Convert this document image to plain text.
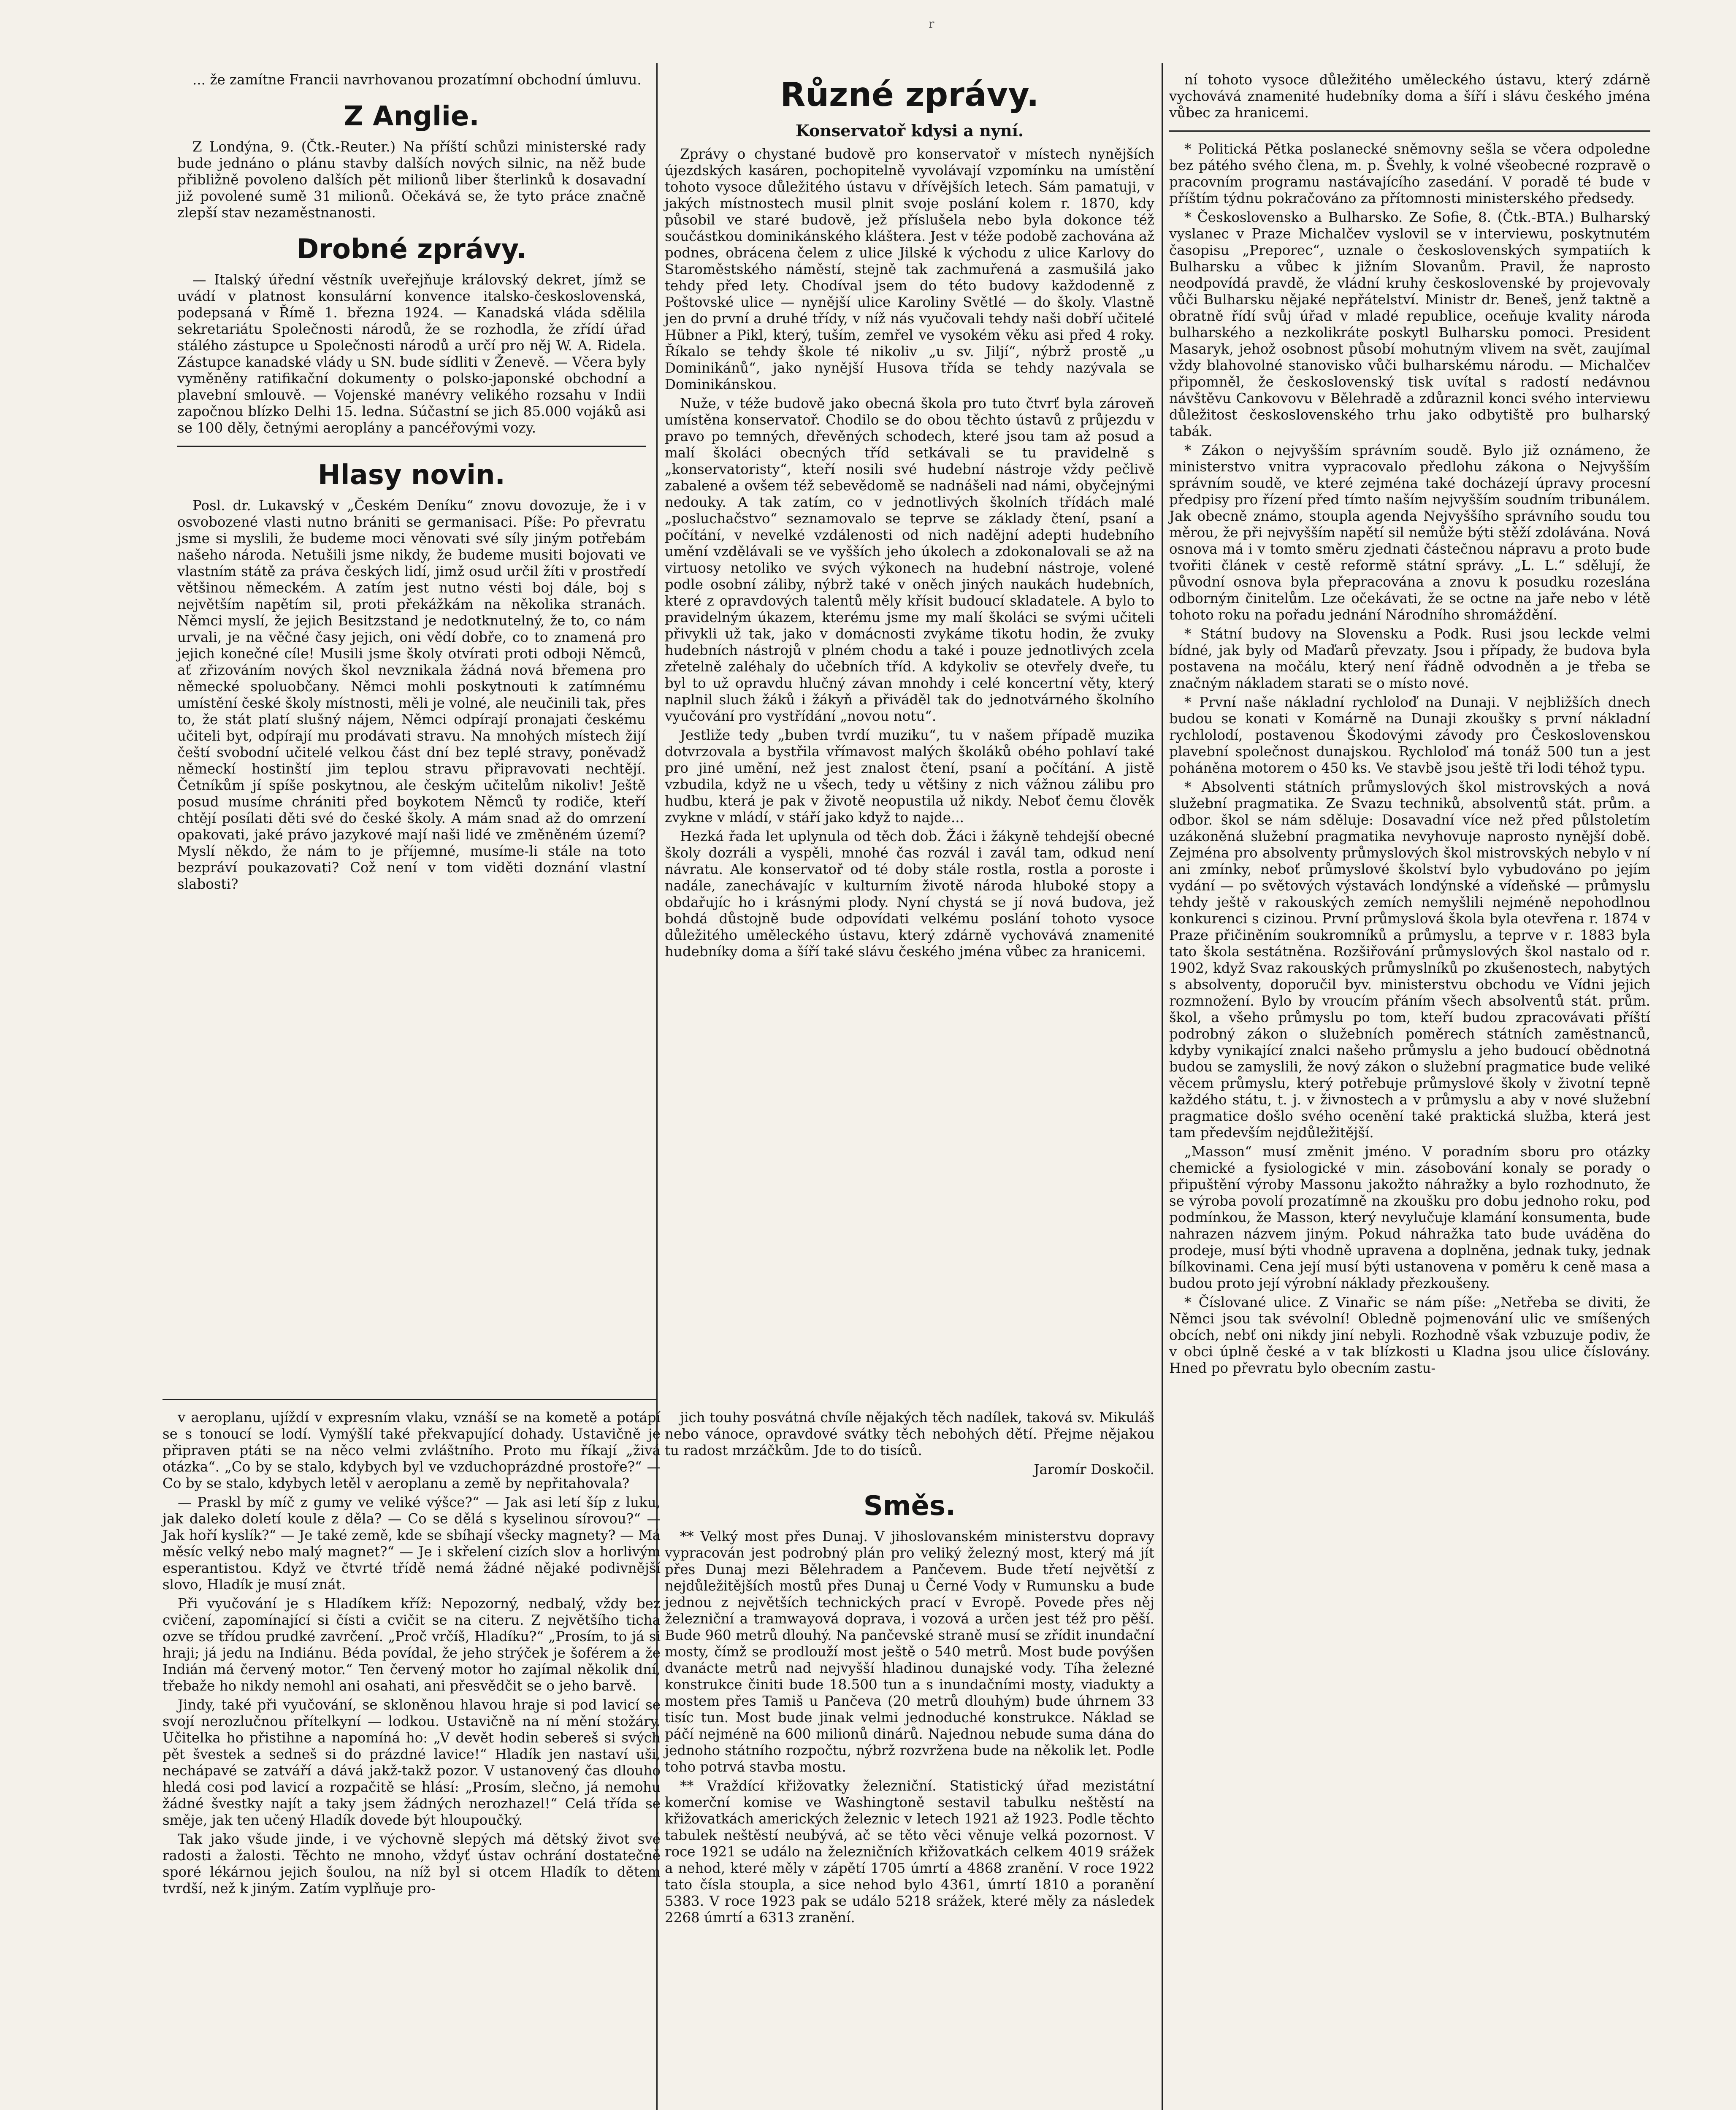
r

... že zamítne Francii navrhovanou prozatímní obchodní úmluvu.

Z Anglie.

Z Londýna, 9. (Čtk.-Reuter.) Na příští schůzi ministerské rady bude jednáno o plánu stavby dalších nových silnic, na něž bude přibližně povoleno dalších pět milionů liber šterlinků k dosavadní již povolené sumě 31 milionů. Očekává se, že tyto práce značně zlepší stav nezaměstnanosti.

Drobné zprávy.

— Italský úřední věstník uveřejňuje královský dekret, jímž se uvádí v platnost konsulární konvence italsko-československá, podepsaná v Římě 1. března 1924. — Kanadská vláda sdělila sekretariátu Společnosti národů, že se rozhodla, že zřídí úřad stálého zástupce u Společnosti národů a určí pro něj W. A. Ridela. Zástupce kanadské vlády u SN. bude sídliti v Ženevě. — Včera byly vyměněny ratifikační dokumenty o polsko-japonské obchodní a plavební smlouvě. — Vojenské manévry velikého rozsahu v Indii započnou blízko Delhi 15. ledna. Súčastní se jich 85.000 vojáků asi se 100 děly, četnými aeroplány a pancéřovými vozy.

Hlasy novin.

Posl. dr. Lukavský v „Českém Deníku“ znovu dovozuje, že i v osvobozené vlasti nutno brániti se germanisaci. Píše: Po převratu jsme si myslili, že budeme moci věnovati své síly jiným potřebám našeho národa. Netušili jsme nikdy, že budeme musiti bojovati ve vlastním státě za práva českých lidí, jimž osud určil žíti v prostředí většinou německém. A zatím jest nutno vésti boj dále, boj s největším napětím sil, proti překážkám na několika stranách. Němci myslí, že jejich Besitzstand je nedotknutelný, že to, co nám urvali, je na věčné časy jejich, oni vědí dobře, co to znamená pro jejich konečné cíle! Musili jsme školy otvírati proti odboji Němců, ať zřizováním nových škol nevznikala žádná nová břemena pro německé spoluobčany. Němci mohli poskytnouti k zatímnému umístění české školy místnosti, měli je volné, ale neučinili tak, přes to, že stát platí slušný nájem, Němci odpírají pronajati českému učiteli byt, odpírají mu prodávati stravu. Na mnohých místech žijí čeští svobodní učitelé velkou část dní bez teplé stravy, poněvadž německí hostinští jim teplou stravu připravovati nechtějí. Četníkům jí spíše poskytnou, ale českým učitelům nikoliv! Ještě posud musíme chrániti před boykotem Němců ty rodiče, kteří chtějí posílati děti své do české školy. A mám snad až do omrzení opakovati, jaké právo jazykové mají naši lidé ve změněném území? Myslí někdo, že nám to je příjemné, musíme-li stále na toto bezpráví poukazovati? Což není v tom viděti doznání vlastní slabosti?

Různé zprávy.
Konservatoř kdysi a nyní.

Zprávy o chystané budově pro konservatoř v místech nynějších újezdských kasáren, pochopitelně vyvolávají vzpomínku na umístění tohoto vysoce důležitého ústavu v dřívějších letech. Sám pamatuji, v jakých místnostech musil plnit svoje poslání kolem r. 1870, kdy působil ve staré budově, jež příslušela nebo byla dokonce též součástkou dominikánského kláštera. Jest v téže podobě zachována až podnes, obrácena čelem z ulice Jilské k východu z ulice Karlovy do Staroměstského náměstí, stejně tak zachmuřená a zasmušilá jako tehdy před lety. Chodíval jsem do této budovy každodenně z Poštovské ulice — nynější ulice Karoliny Světlé — do školy. Vlastně jen do první a druhé třídy, v níž nás vyučovali tehdy naši dobří učitelé Hübner a Pikl, který, tuším, zemřel ve vysokém věku asi před 4 roky. Říkalo se tehdy škole té nikoliv „u sv. Jiljí“, nýbrž prostě „u Dominikánů“, jako nynější Husova třída se tehdy nazývala se Dominikánskou.

Nuže, v téže budově jako obecná škola pro tuto čtvrť byla zároveň umístěna konservatoř. Chodilo se do obou těchto ústavů z průjezdu v pravo po temných, dřevěných schodech, které jsou tam až posud a malí školáci obecných tříd setkávali se tu pravidelně s „konservatoristy“, kteří nosili své hudební nástroje vždy pečlivě zabalené a ovšem též sebevědomě se nadnášeli nad námi, obyčejnými nedouky. A tak zatím, co v jednotlivých školních třídách malé „posluchačstvo“ seznamovalo se teprve se základy čtení, psaní a počítání, v nevelké vzdálenosti od nich nadějní adepti hudebního umění vzdělávali se ve vyšších jeho úkolech a zdokonalovali se až na virtuosy netoliko ve svých výkonech na hudební nástroje, volené podle osobní záliby, nýbrž také v oněch jiných naukách hudebních, které z opravdových talentů měly křísit budoucí skladatele. A bylo to pravidelným úkazem, kterému jsme my malí školáci se svými učiteli přivykli už tak, jako v domácnosti zvykáme tikotu hodin, že zvuky hudebních nástrojů v plném chodu a také i pouze jednotlivých zcela zřetelně zaléhaly do učebních tříd. A kdykoliv se otevřely dveře, tu byl to už opravdu hlučný závan mnohdy i celé koncertní věty, který naplnil sluch žáků i žákyň a přiváděl tak do jednotvárného školního vyučování pro vystřídání „novou notu“.

Jestliže tedy „buben tvrdí muziku“, tu v našem případě muzika dotvrzovala a bystřila vřímavost malých školáků obého pohlaví také pro jiné umění, než jest znalost čtení, psaní a počítání. A jistě vzbudila, když ne u všech, tedy u většiny z nich vážnou zálibu pro hudbu, která je pak v životě neopustila už nikdy. Neboť čemu člověk zvykne v mládí, v stáří jako když to najde...

Hezká řada let uplynula od těch dob. Žáci i žákyně tehdejší obecné školy dozráli a vyspěli, mnohé čas rozvál i zavál tam, odkud není návratu. Ale konservatoř od té doby stále rostla, rostla a poroste i nadále, zanechávajíc v kulturním životě národa hluboké stopy a obdařujíc ho i krásnými plody. Nyní chystá se jí nová budova, jež bohdá důstojně bude odpovídati velkému poslání tohoto vysoce důležitého uměleckého ústavu, který zdárně vychovává znamenité hudebníky doma a šíří také slávu českého jména vůbec za hranicemi.

v aeroplanu, ujíždí v expresním vlaku, vznáší se na kometě a potápí se s tonoucí se lodí. Vymýšlí také překvapující dohady. Ustavičně je připraven ptáti se na něco velmi zvláštního. Proto mu říkají „živá otázka“. „Co by se stalo, kdybych byl ve vzduchoprázdné prostoře?“ — Co by se stalo, kdybych letěl v aeroplanu a země by nepřitahovala?

— Praskl by míč z gumy ve veliké výšce?“ — Jak asi letí šíp z luku, jak daleko doletí koule z děla? — Co se dělá s kyselinou sírovou?“ — Jak hoří kyslík?“ — Je také země, kde se sbíhají všecky magnety? — Má měsíc velký nebo malý magnet?“ — Je i skřelení cizích slov a horlivým esperantistou. Když ve čtvrté třídě nemá žádné nějaké podivnější slovo, Hladík je musí znát.

Při vyučování je s Hladíkem kříž: Nepozorný, nedbalý, vždy bez cvičení, zapomínající si čísti a cvičit se na citeru. Z největšího ticha ozve se třídou prudké zavrčení. „Proč vrčíš, Hladíku?“ „Prosím, to já si hraji; já jedu na Indiánu. Béda povídal, že jeho strýček je šoférem a že Indián má červený motor.“ Ten červený motor ho zajímal několik dní, třebaže ho nikdy nemohl ani osahati, ani přesvědčit se o jeho barvě.

Jindy, také při vyučování, se skloněnou hlavou hraje si pod lavicí se svojí nerozlučnou přítelkyní — lodkou. Ustavičně na ní mění stožáry. Učitelka ho přistihne a napomíná ho: „V devět hodin sebereš si svých pět švestek a sedneš si do prázdné lavice!“ Hladík jen nastaví uši, nechápavé se zatváří a dává jakž-takž pozor. V ustanovený čas dlouho hledá cosi pod lavicí a rozpačitě se hlásí: „Prosím, slečno, já nemohu žádné švestky najít a taky jsem žádných nerozhazel!“ Celá třída se směje, jak ten učený Hladík dovede být hloupoučký.

Tak jako všude jinde, i ve výchovně slepých má dětský život své radosti a žalosti. Těchto ne mnoho, vždyť ústav ochrání dostatečně sporé lékárnou jejich šoulou, na níž byl si otcem Hladík to dětem tvrdší, než k jiným. Zatím vyplňuje pro-

jich touhy posvátná chvíle nějakých těch nadílek, taková sv. Mikuláš nebo vánoce, opravdové svátky těch nebohých dětí. Přejme nějakou tu radost mrzáčkům. Jde to do tisíců.

Jaromír Doskočil.

Směs.

** Velký most přes Dunaj. V jihoslovanském ministerstvu dopravy vypracován jest podrobný plán pro veliký železný most, který má jít přes Dunaj mezi Bělehradem a Pančevem. Bude třetí největší z nejdůležitějších mostů přes Dunaj u Černé Vody v Rumunsku a bude jednou z největších technických prací v Evropě. Povede přes něj železniční a tramwayová dopravа, i vozová a určen jest též pro pěší. Bude 960 metrů dlouhý. Na pančevské straně musí se zřídit inundační mosty, čímž se prodlouží most ještě o 540 metrů. Most bude povýšen dvanácte metrů nad nejvyšší hladinou dunajské vody. Tíha železné konstrukce činiti bude 18.500 tun a s inundačními mosty, viadukty a mostem přes Tamiš u Pančeva (20 metrů dlouhým) bude úhrnem 33 tisíc tun. Most bude jinak velmi jednoduché konstrukce. Náklad se páčí nejméně na 600 milionů dinárů. Najednou nebude suma dána do jednoho státního rozpočtu, nýbrž rozvržena bude na několik let. Podle toho potrvá stavba mostu.

** Vraždící křižovatky železniční. Statistický úřad mezistátní komerční komise ve Washingtoně sestavil tabulku neštěstí na křižovatkách amerických železnic v letech 1921 až 1923. Podle těchto tabulek neštěstí neubývá, ač se těto věci věnuje velká pozornost. V roce 1921 se událo na železničních křižovatkách celkem 4019 srážek a nehod, které měly v zápětí 1705 úmrtí a 4868 zranění. V roce 1922 tato čísla stoupla, a sice nehod bylo 4361, úmrtí 1810 a poranění 5383. V roce 1923 pak se událo 5218 srážek, které měly za následek 2268 úmrtí a 6313 zranění.

ní tohoto vysoce důležitého uměleckého ústavu, který zdárně vychovává znamenité hudebníky doma a šíří i slávu českého jména vůbec za hranicemi.

* Politická Pětka poslanecké sněmovny sešla se včera odpoledne bez pátého svého člena, m. p. Švehly, k volné všeobecné rozpravě o pracovním programu nastávajícího zasedání. V poradě té bude v příštím týdnu pokračováno za přítomnosti ministerského předsedy.

* Československo a Bulharsko. Ze Sofie, 8. (Čtk.-BTA.) Bulharský vyslanec v Praze Michalčev vyslovil se v interviewu, poskytnutém časopisu „Preporec“, uznale o československých sympatiích k Bulharsku a vůbec k jižním Slovanům. Pravil, že naprosto neodpovídá pravdě, že vládní kruhy československé by projevovaly vůči Bulharsku nějaké nepřátelství. Ministr dr. Beneš, jenž taktně a obratně řídí svůj úřad v mladé republice, oceňuje kvality národa bulharského a nezkolikráte poskytl Bulharsku pomoci. President Masaryk, jehož osobnost působí mohutným vlivem na svět, zaujímal vždy blahovolné stanovisko vůči bulharskému národu. — Michalčev připomněl, že československý tisk uvítal s radostí nedávnou návštěvu Cankovovu v Bělehradě a zdůraznil konci svého interviewu důležitost československého trhu jako odbytiště pro bulharský tabák.

* Zákon o nejvyšším správním soudě. Bylo již oznámeno, že ministerstvo vnitra vypracovalo předlohu zákona o Nejvyšším správním soudě, ve které zejména také docházejí úpravy procesní předpisy pro řízení před tímto naším nejvyšším soudním tribunálem. Jak obecně známo, stoupla agenda Nejvyššího správního soudu tou měrou, že při nejvyšším napětí sil nemůže býti stěží zdolávána. Nová osnova má i v tomto směru zjednati částečnou nápravu a proto bude tvořiti článek v cestě reformě státní správy. „L. L.“ sdělují, že původní osnova byla přepracována a znovu k posudku rozeslána odborným činitelům. Lze očekávati, že se octne na jaře nebo v létě tohoto roku na pořadu jednání Národního shromáždění.

* Státní budovy na Slovensku a Podk. Rusi jsou leckde velmi bídné, jak byly od Maďarů převzaty. Jsou i případy, že budova byla postavena na močálu, který není řádně odvodněn a je třeba se značným nákladem starati se o místo nové.

* První naše nákladní rychloloď na Dunaji. V nejbližších dnech budou se konati v Komárně na Dunaji zkoušky s první nákladní rychlolodí, postavenou Škodovými závody pro Československou plavební společnost dunajskou. Rychloloď má tonáž 500 tun a jest poháněna motorem o 450 ks. Ve stavbě jsou ještě tři lodi téhož typu.

* Absolventi státních průmyslových škol mistrovských a nová služební pragmatika. Ze Svazu techniků, absolventů stát. prům. a odbor. škol se nám sděluje: Dosavadní více než před půlstoletím uzákoněná služební pragmatika nevyhovuje naprosto nynější době. Zejména pro absolventy průmyslových škol mistrovských nebylo v ní ani zmínky, neboť průmyslové školství bylo vybudováno po jejím vydání — po světových výstavách londýnské a vídeňské — průmyslu tehdy ještě v rakouských zemích nemyšlili nejméně nepohodlnou konkurenci s cizinou. První průmyslová škola byla otevřena r. 1874 v Praze přičiněním soukromníků a průmyslu, a teprve v r. 1883 byla tato škola sestátněna. Rozšiřování průmyslových škol nastalo od r. 1902, když Svaz rakouských průmyslníků po zkušenostech, nabytých s absolventy, doporučil byv. ministerstvu obchodu ve Vídni jejich rozmnožení. Bylo by vroucím přáním všech absolventů stát. prům. škol, a všeho průmyslu po tom, kteří budou zpracovávati příští podrobný zákon o služebních poměrech státních zaměstnanců, kdyby vynikající znalci našeho průmyslu a jeho budoucí obědnotná budou se zamyslili, že nový zákon o služební pragmatice bude veliké věcem průmyslu, který potřebuje průmyslové školy v životní tepně každého státu, t. j. v živnostech a v průmyslu a aby v nové služební pragmatice došlo svého ocenění také praktická služba, která jest tam především nejdůležitější.

„Masson“ musí změnit jméno. V poradním sboru pro otázky chemické a fysiologické v min. zásobování konaly se porady o připuštění výroby Massonu jakožto náhražky a bylo rozhodnuto, že se výroba povolí prozatímně na zkoušku pro dobu jednoho roku, pod podmínkou, že Masson, který nevylučuje klamání konsumenta, bude nahrazen názvem jiným. Pokud náhražka tato bude uváděna do prodeje, musí býti vhodně upravena a doplněna, jednak tuky, jednak bílkovinami. Cena její musí býti ustanovena v poměru k ceně masa a budou proto její výrobní náklady přezkoušeny.

* Číslované ulice. Z Vinařic se nám píše: „Netřeba se diviti, že Němci jsou tak svévolní! Obledně pojmenování ulic ve smíšených obcích, nebť oni nikdy jiní nebyli. Rozhodně však vzbuzuje podiv, že v obci úplně české a v tak blízkosti u Kladna jsou ulice číslovány. Hned po převratu bylo obecním zastu-
